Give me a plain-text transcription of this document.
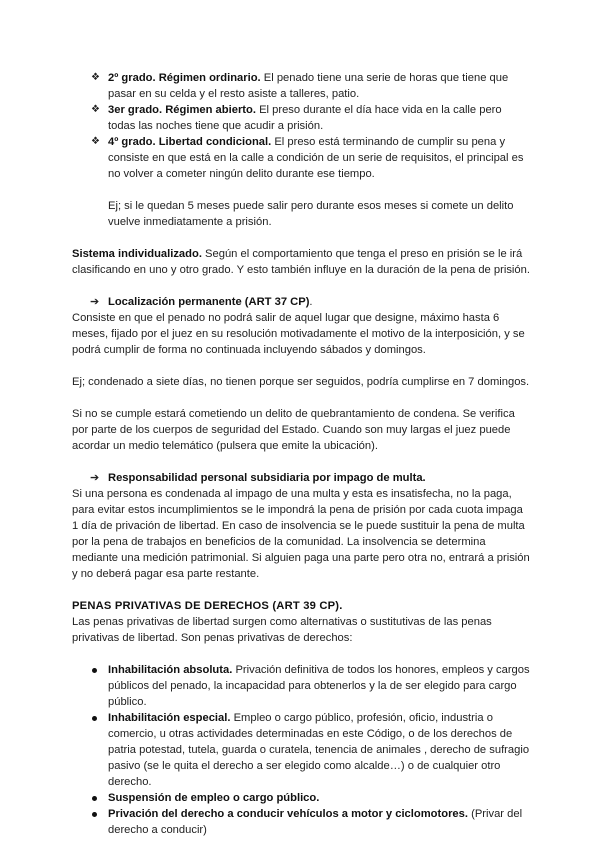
❖ 2º grado. Régimen ordinario. El penado tiene una serie de horas que tiene que pasar en su celda y el resto asiste a talleres, patio.
❖ 3er grado. Régimen abierto. El preso durante el día hace vida en la calle pero todas las noches tiene que acudir a prisión.
❖ 4º grado. Libertad condicional. El preso está terminando de cumplir su pena y consiste en que está en la calle a condición de un serie de requisitos, el principal es no volver a cometer ningún delito durante ese tiempo.

Ej; si le quedan 5 meses puede salir pero durante esos meses si comete un delito vuelve inmediatamente a prisión.

Sistema individualizado. Según el comportamiento que tenga el preso en prisión se le irá clasificando en uno y otro grado. Y esto también influye en la duración de la pena de prisión.

➔ Localización permanente (ART 37 CP).

Consiste en que el penado no podrá salir de aquel lugar que designe, máximo hasta 6 meses, fijado por el juez en su resolución motivadamente el motivo de la interposición, y se podrá cumplir de forma no continuada incluyendo sábados y domingos.

Ej; condenado a siete días, no tienen porque ser seguidos, podría cumplirse en 7 domingos.

Si no se cumple estará cometiendo un delito de quebrantamiento de condena. Se verifica por parte de los cuerpos de seguridad del Estado. Cuando son muy largas el juez puede acordar un medio telemático (pulsera que emite la ubicación).

➔ Responsabilidad personal subsidiaria por impago de multa.

Si una persona es condenada al impago de una multa y esta es insatisfecha, no la paga, para evitar estos incumplimientos se le impondrá la pena de prisión por cada cuota impaga 1 día de privación de libertad. En caso de insolvencia se le puede sustituir la pena de multa por la pena de trabajos en beneficios de la comunidad. La insolvencia se determina mediante una medición patrimonial. Si alguien paga una parte pero otra no, entrará a prisión y no deberá pagar esa parte restante.

PENAS PRIVATIVAS DE DERECHOS (ART 39 CP).

Las penas privativas de libertad surgen como alternativas o sustitutivas de las penas privativas de libertad. Son penas privativas de derechos:

Inhabilitación absoluta. Privación definitiva de todos los honores, empleos y cargos públicos del penado, la incapacidad para obtenerlos y la de ser elegido para cargo público.
Inhabilitación especial. Empleo o cargo público, profesión, oficio, industria o comercio, u otras actividades determinadas en este Código, o de los derechos de patria potestad, tutela, guarda o curatela, tenencia de animales , derecho de sufragio pasivo (se le quita el derecho a ser elegido como alcalde…) o de cualquier otro derecho.
Suspensión de empleo o cargo público.
Privación del derecho a conducir vehículos a motor y ciclomotores. (Privar del derecho a conducir)
